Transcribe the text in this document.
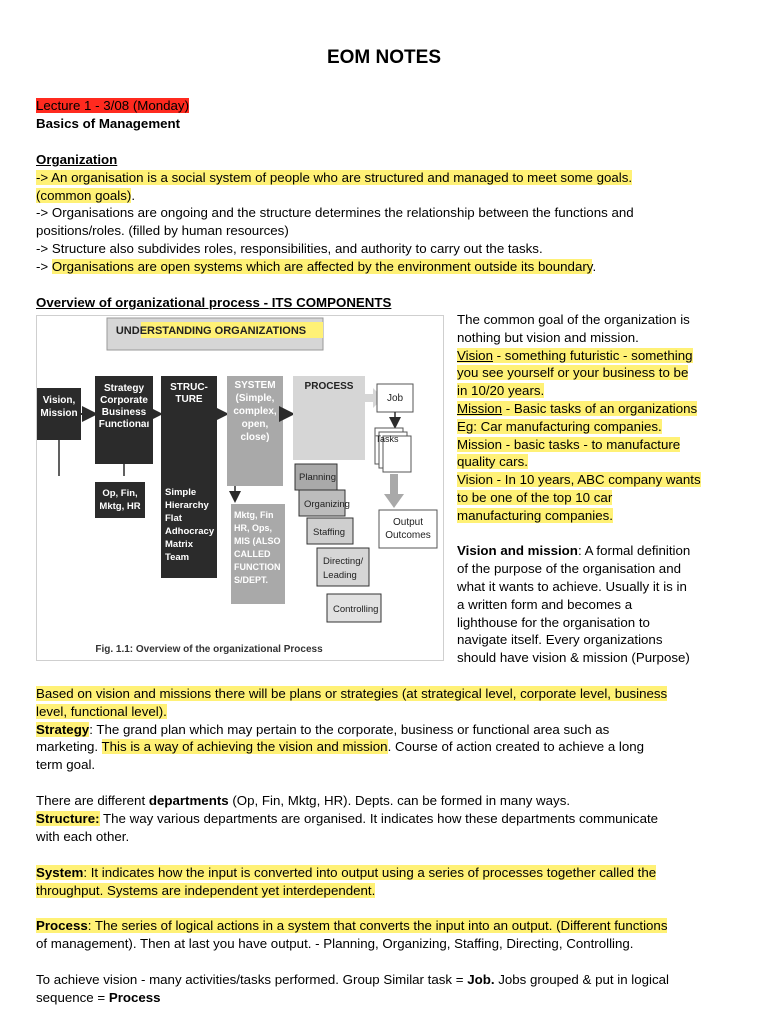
EOM NOTES
Lecture 1 - 3/08 (Monday)
Basics of Management
Organization
-> An organisation is a social system of people who are structured and managed to meet some goals.
(common goals).
-> Organisations are ongoing and the structure determines the relationship between the functions and
positions/roles. (filled by human resources)
-> Structure also subdivides roles, responsibilities, and authority to carry out the tasks.
-> Organisations are open systems which are affected by the environment outside its boundary.
Overview of organizational process - ITS COMPONENTS
UNDERSTANDING ORGANIZATIONS
Vision,
Mission
Strategy
Corporate
Business
Functional
STRUC-
TURE
SYSTEM
(Simple,
complex,
open,
close)
PROCESS
Job
Tasks
Output
Outcomes
Op, Fin,
Mktg, HR
Simple
Hierarchy
Flat
Adhocracy
Matrix
Team
Mktg, Fin
HR, Ops,
MIS (ALSO
CALLED
FUNCTION
S/DEPT.
Planning
Organizing
Staffing
Directing/
Leading
Controlling
Fig. 1.1: Overview of the organizational Process
The common goal of the organization is
nothing but vision and mission.
Vision - something futuristic - something
you see yourself or your business to be
in 10/20 years.
Mission - Basic tasks of an organizations
Eg: Car manufacturing companies.
Mission - basic tasks - to manufacture
quality cars.
Vision - In 10 years, ABC company wants
to be one of the top 10 car
manufacturing companies.

Vision and mission: A formal definition
of the purpose of the organisation and
what it wants to achieve. Usually it is in
a written form and becomes a
lighthouse for the organisation to
navigate itself. Every organizations
should have vision & mission (Purpose)
Based on vision and missions there will be plans or strategies (at strategical level, corporate level, business
level, functional level).
Strategy: The grand plan which may pertain to the corporate, business or functional area such as
marketing. This is a way of achieving the vision and mission. Course of action created to achieve a long
term goal.
There are different departments (Op, Fin, Mktg, HR). Depts. can be formed in many ways.
Structure: The way various departments are organised. It indicates how these departments communicate
with each other.
System: It indicates how the input is converted into output using a series of processes together called the
throughput. Systems are independent yet interdependent.
Process: The series of logical actions in a system that converts the input into an output. (Different functions
of management). Then at last you have output. - Planning, Organizing, Staffing, Directing, Controlling.
To achieve vision - many activities/tasks performed. Group Similar task = Job. Jobs grouped & put in logical
sequence = Process
